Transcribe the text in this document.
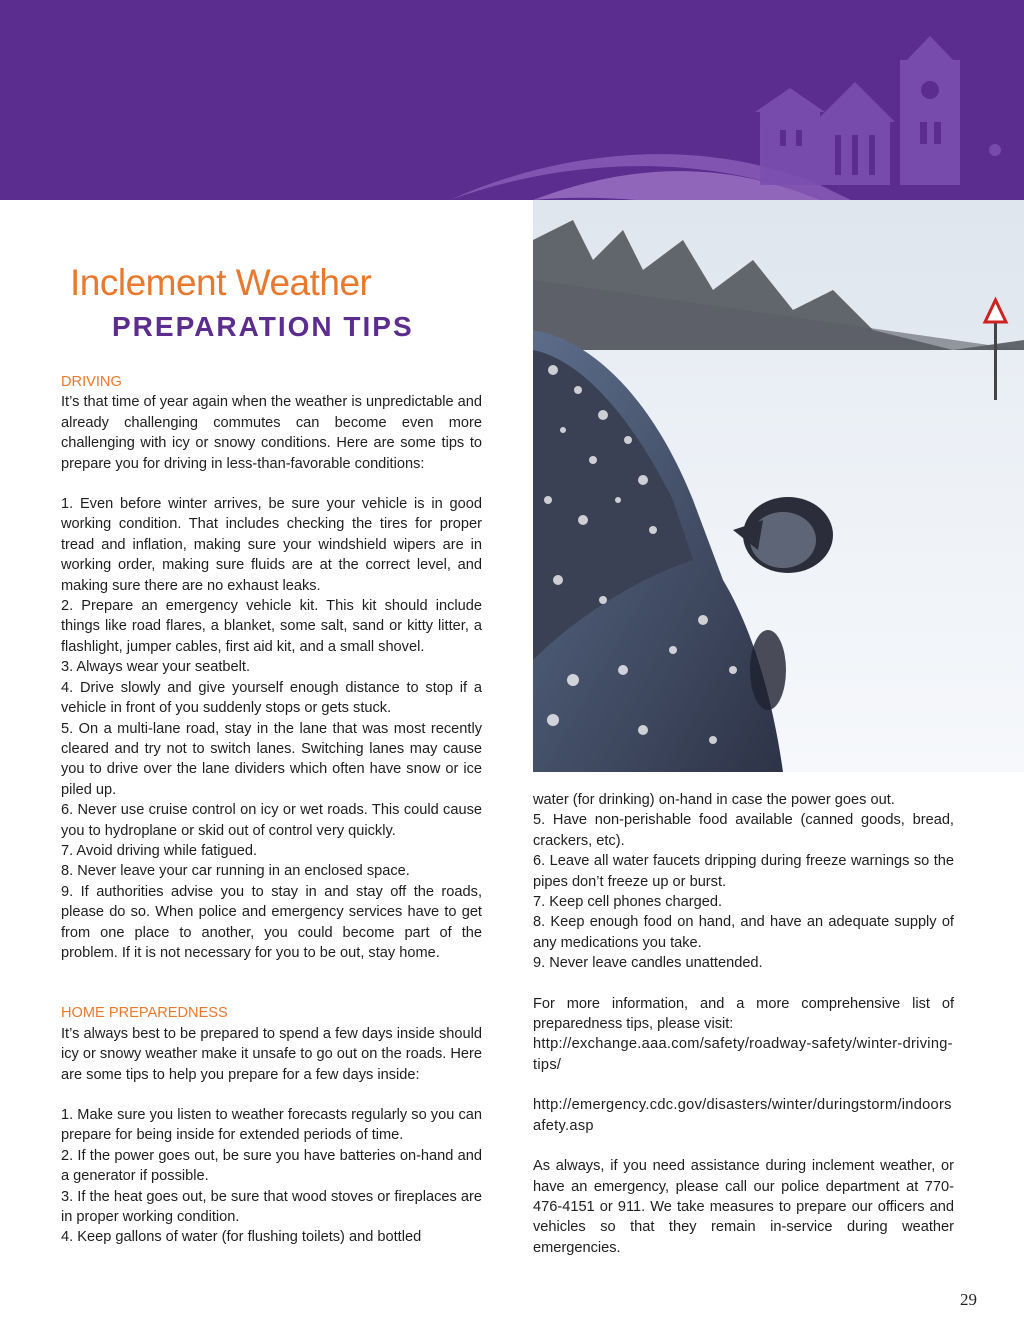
Inclement Weather
PREPARATION TIPS

DRIVING

It’s that time of year again when the weather is unpredictable and already challenging commutes can become even more challenging with icy or snowy conditions. Here are some tips to prepare you for driving in less-than-favorable conditions:

1. Even before winter arrives, be sure your vehicle is in good working condition. That includes checking the tires for proper tread and inflation, making sure your windshield wipers are in working order, making sure fluids are at the correct level, and making sure there are no exhaust leaks.

2. Prepare an emergency vehicle kit. This kit should include things like road flares, a blanket, some salt, sand or kitty litter, a flashlight, jumper cables, first aid kit, and a small shovel.

3. Always wear your seatbelt.

4. Drive slowly and give yourself enough distance to stop if a vehicle in front of you suddenly stops or gets stuck.

5. On a multi-lane road, stay in the lane that was most recently cleared and try not to switch lanes. Switching lanes may cause you to drive over the lane dividers which often have snow or ice piled up.

6. Never use cruise control on icy or wet roads. This could cause you to hydroplane or skid out of control very quickly.

7. Avoid driving while fatigued.

8. Never leave your car running in an enclosed space.

9. If authorities advise you to stay in and stay off the roads, please do so. When police and emergency services have to get from one place to another, you could become part of the problem. If it is not necessary for you to be out, stay home.

HOME PREPAREDNESS

It’s always best to be prepared to spend a few days inside should icy or snowy weather make it unsafe to go out on the roads. Here are some tips to help you prepare for a few days inside:

1. Make sure you listen to weather forecasts regularly so you can prepare for being inside for extended periods of time.

2. If the power goes out, be sure you have batteries on-hand and a generator if possible.

3. If the heat goes out, be sure that wood stoves or fireplaces are in proper working condition.

4. Keep gallons of water (for flushing toilets) and bottled

water (for drinking) on-hand in case the power goes out.

5. Have non-perishable food available (canned goods, bread, crackers, etc).

6. Leave all water faucets dripping during freeze warnings so the pipes don’t freeze up or burst.

7. Keep cell phones charged.

8. Keep enough food on hand, and have an adequate supply of any medications you take.

9. Never leave candles unattended.

For more information, and a more comprehensive list of preparedness tips, please visit:

http://exchange.aaa.com/safety/roadway-safety/winter-driving-tips/

http://emergency.cdc.gov/disasters/winter/duringstorm/indoorsafety.asp

As always, if you need assistance during inclement weather, or have an emergency, please call our police department at 770-476-4151 or 911. We take measures to prepare our officers and vehicles so that they remain in-service during weather emergencies.

29
